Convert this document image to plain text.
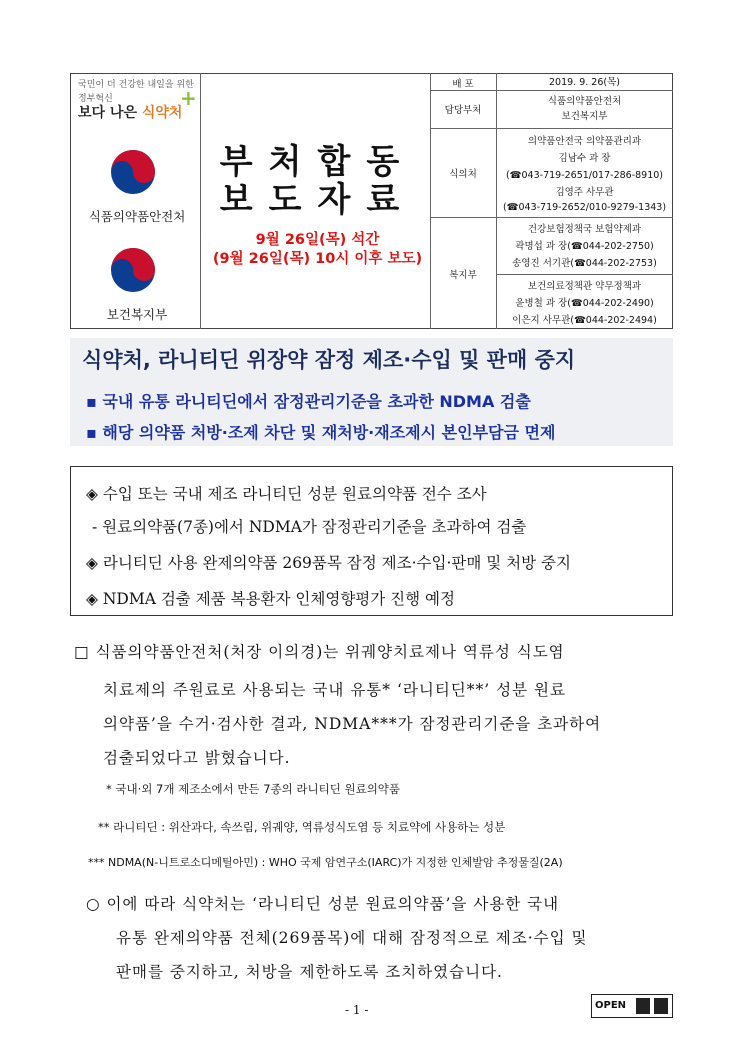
국민이 더 건강한 내일을 위한
정부혁신
보다 나은 식약처
+
식품의약품안전처
보건복지부
부처합동
보도자료
9월 26일(목) 석간
(9월 26일(목) 10시 이후 보도)
배 포
담당부처
식의처
복지부
2019. 9. 26(목)
식품의약품안전처
보건복지부
의약품안전국 의약품관리과
김남수 과 장
(☎043-719-2651/017-286-8910)
김영주 사무관
(☎043-719-2652/010-9279-1343)
건강보험정책국 보험약제과
곽명섭 과 장(☎044-202-2750)
송영진 서기관(☎044-202-2753)
보건의료정책관 약무정책과
윤병철 과 장(☎044-202-2490)
이은지 사무관(☎044-202-2494)
식약처, 라니티딘 위장약 잠정 제조·수입 및 판매 중지
▪ 국내 유통 라니티딘에서 잠정관리기준을 초과한 NDMA 검출
▪ 해당 의약품 처방·조제 차단 및 재처방·재조제시 본인부담금 면제
◈ 수입 또는 국내 제조 라니티딘 성분 원료의약품 전수 조사
- 원료의약품(7종)에서 NDMA가 잠정관리기준을 초과하여 검출
◈ 라니티딘 사용 완제의약품 269품목 잠정 제조·수입·판매 및 처방 중지
◈ NDMA 검출 제품 복용환자 인체영향평가 진행 예정
□ 식품의약품안전처(처장 이의경)는 위궤양치료제나 역류성 식도염
치료제의 주원료로 사용되는 국내 유통* ‘라니티딘**’ 성분 원료
의약품’을 수거·검사한 결과, NDMA***가 잠정관리기준을 초과하여
검출되었다고 밝혔습니다.
* 국내·외 7개 제조소에서 만든 7종의 라니티딘 원료의약품
** 라니티딘 : 위산과다, 속쓰림, 위궤양, 역류성식도염 등 치료약에 사용하는 성분
*** NDMA(N-니트로소디메틸아민) : WHO 국제 암연구소(IARC)가 지정한 인체발암 추정물질(2A)
○ 이에 따라 식약처는 ‘라니티딘 성분 원료의약품’을 사용한 국내
유통 완제의약품 전체(269품목)에 대해 잠정적으로 제조·수입 및
판매를 중지하고, 처방을 제한하도록 조치하였습니다.
- 1 -	OPEN
